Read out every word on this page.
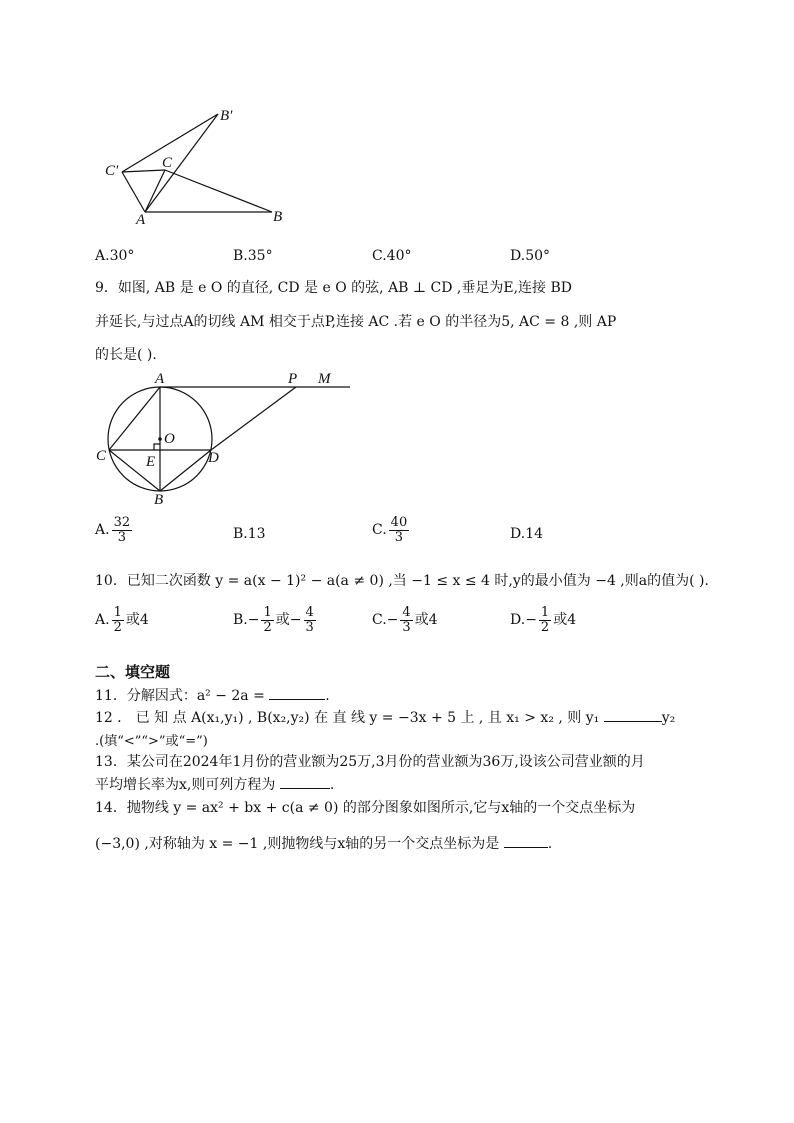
B′
C
C′
A	B
A.30°	B.35°	C.40°	D.50°
9．如图, AB 是 e O 的直径, CD 是 e O 的弦, AB ⊥ CD ,垂足为E,连接 BD
并延长,与过点A的切线 AM 相交于点P,连接 AC .若 e O 的半径为5, AC = 8 ,则 AP
的长是( ).
A	P M
O
C	E	D
B
A. $\frac{32}{3}$	B.13	C. $\frac{40}{3}$	D.14
10．已知二次函数 y = a(x − 1)² − a(a ≠ 0) ,当 −1 ≤ x ≤ 4 时,y的最小值为 −4 ,则a的值为( ).
A. $\frac{1}{2}$ 或4	$B.- \frac{1}{2}$ 或− $\frac{4}{3}$	$C.- \frac{4}{3}$ 或4	$D.- \frac{1}{2}$ 或4
二、填空题
11．分解因式：a² − 2a =	.
12 ． 已 知 点 A(x₁,y₁) , B(x₂,y₂) 在 直 线 y = −3x + 5 上 , 且 x₁ > x₂ , 则 y₁	y₂
.(填“<”“>”或“=”)
13．某公司在2024年1月份的营业额为25万,3月份的营业额为36万,设该公司营业额的月
平均增长率为x,则可列方程为	.
14．抛物线 y = ax² + bx + c(a ≠ 0) 的部分图象如图所示,它与x轴的一个交点坐标为
(−3,0) ,对称轴为 x = −1 ,则抛物线与x轴的另一个交点坐标为是	.
